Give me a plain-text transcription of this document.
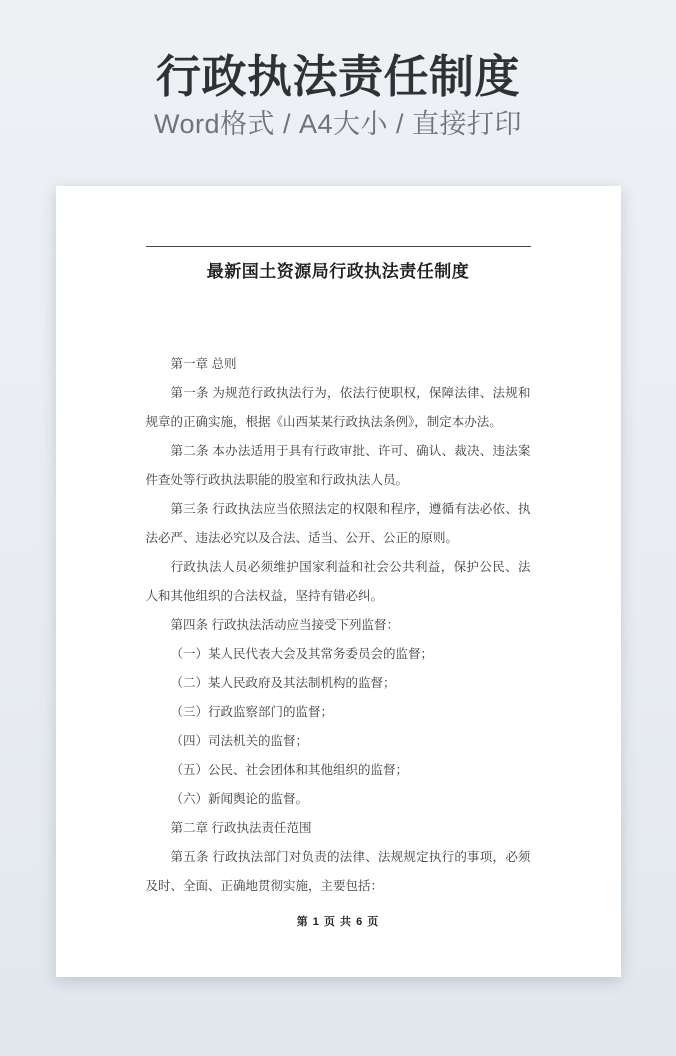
行政执法责任制度
Word格式 / A4大小 / 直接打印
最新国土资源局行政执法责任制度

第一章 总则

第一条 为规范行政执法行为，依法行使职权，保障法律、法规和规章的正确实施，根据《山西某某行政执法条例》，制定本办法。

第二条 本办法适用于具有行政审批、许可、确认、裁决、违法案件查处等行政执法职能的股室和行政执法人员。

第三条 行政执法应当依照法定的权限和程序，遵循有法必依、执法必严、违法必究以及合法、适当、公开、公正的原则。

行政执法人员必须维护国家利益和社会公共利益，保护公民、法人和其他组织的合法权益，坚持有错必纠。

第四条 行政执法活动应当接受下列监督：

（一）某人民代表大会及其常务委员会的监督；

（二）某人民政府及其法制机构的监督；

（三）行政监察部门的监督；

（四）司法机关的监督；

（五）公民、社会团体和其他组织的监督；

（六）新闻舆论的监督。

第二章 行政执法责任范围

第五条 行政执法部门对负责的法律、法规规定执行的事项，必须及时、全面、正确地贯彻实施，主要包括：

第 1 页 共 6 页
